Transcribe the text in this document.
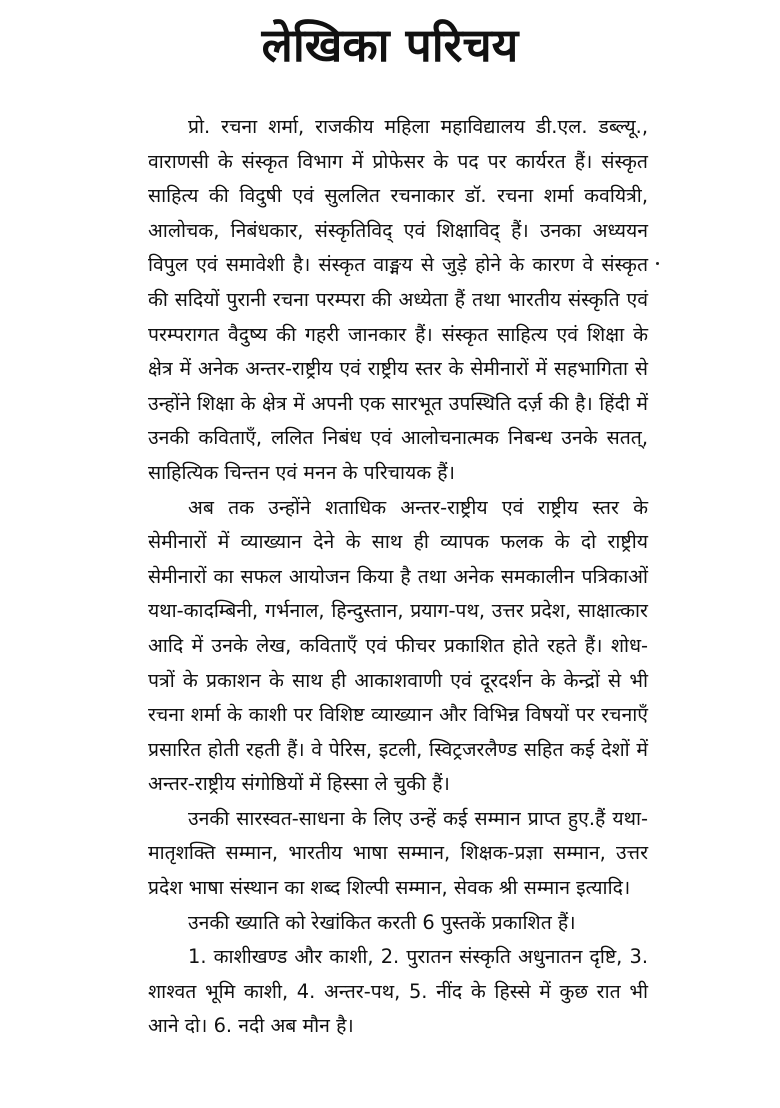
लेखिका परिचय

प्रो. रचना शर्मा, राजकीय महिला महाविद्यालय डी.एल. डब्ल्यू., वाराणसी के संस्कृत विभाग में प्रोफेसर के पद पर कार्यरत हैं। संस्कृत साहित्य की विदुषी एवं सुललित रचनाकार डॉ. रचना शर्मा कवयित्री, आलोचक, निबंधकार, संस्कृतिविद् एवं शिक्षाविद् हैं। उनका अध्ययन विपुल एवं समावेशी है। संस्कृत वाङ्मय से जुड़े होने के कारण वे संस्कृत की सदियों पुरानी रचना परम्परा की अध्येता हैं तथा भारतीय संस्कृति एवं परम्परागत वैदुष्य की गहरी जानकार हैं। संस्कृत साहित्य एवं शिक्षा के क्षेत्र में अनेक अन्तर-राष्ट्रीय एवं राष्ट्रीय स्तर के सेमीनारों में सहभागिता से उन्होंने शिक्षा के क्षेत्र में अपनी एक सारभूत उपस्थिति दर्ज़ की है। हिंदी में उनकी कविताएँ, ललित निबंध एवं आलोचनात्मक निबन्ध उनके सतत्, साहित्यिक चिन्तन एवं मनन के परिचायक हैं।

अब तक उन्होंने शताधिक अन्तर-राष्ट्रीय एवं राष्ट्रीय स्तर के सेमीनारों में व्याख्यान देने के साथ ही व्यापक फलक के दो राष्ट्रीय सेमीनारों का सफल आयोजन किया है तथा अनेक समकालीन पत्रिकाओं यथा-कादम्बिनी, गर्भनाल, हिन्दुस्तान, प्रयाग-पथ, उत्तर प्रदेश, साक्षात्कार आदि में उनके लेख, कविताएँ एवं फीचर प्रकाशित होते रहते हैं। शोध-पत्रों के प्रकाशन के साथ ही आकाशवाणी एवं दूरदर्शन के केन्द्रों से भी रचना शर्मा के काशी पर विशिष्ट व्याख्यान और विभिन्न विषयों पर रचनाएँ प्रसारित होती रहती हैं। वे पेरिस, इटली, स्विट्रजरलैण्ड सहित कई देशों में अन्तर-राष्ट्रीय संगोष्ठियों में हिस्सा ले चुकी हैं।

उनकी सारस्वत-साधना के लिए उन्हें कई सम्मान प्राप्त हुए.हैं यथा-मातृशक्ति सम्मान, भारतीय भाषा सम्मान, शिक्षक-प्रज्ञा सम्मान, उत्तर प्रदेश भाषा संस्थान का शब्द शिल्पी सम्मान, सेवक श्री सम्मान इत्यादि।

उनकी ख्याति को रेखांकित करती 6 पुस्तकें प्रकाशित हैं।

1. काशीखण्ड और काशी, 2. पुरातन संस्कृति अधुनातन दृष्टि, 3. शाश्वत भूमि काशी, 4. अन्तर-पथ, 5. नींद के हिस्से में कुछ रात भी आने दो। 6. नदी अब मौन है।
